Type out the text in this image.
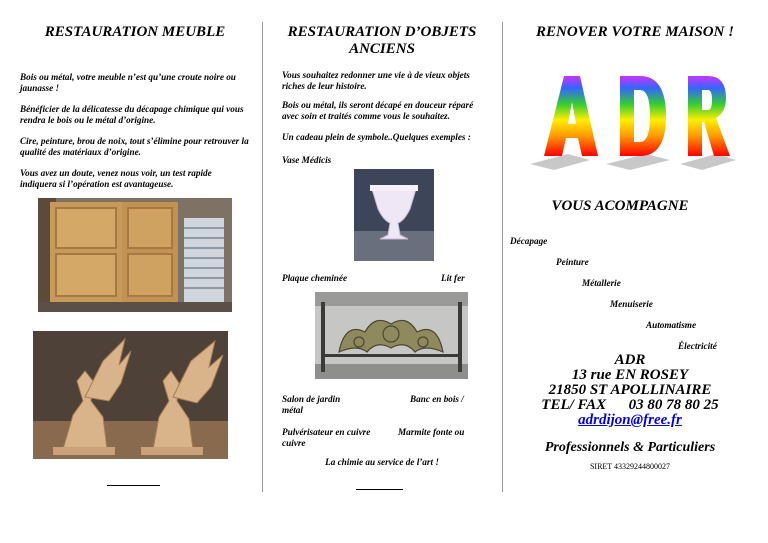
RESTAURATION MEUBLE
Bois ou métal, votre meuble n’est qu’une croute noire ou jaunasse !
Bénéficier de la délicatesse du décapage chimique qui vous rendra le bois ou le métal d’origine.
Cire, peinture, brou de noix, tout s’élimine pour retrouver la qualité des matériaux d’origine.
Vous avez un doute, venez nous voir, un test rapide indiquera si l’opération est avantageuse.
RESTAURATION D’OBJETS ANCIENS
Vous souhaitez redonner une vie à de vieux objets riches de leur histoire.
Bois ou métal, ils seront décapé en douceur réparé avec soin et traités comme vous le souhaitez.
Un cadeau plein de symbole..Quelques exemples :
Vase Médicis
Plaque cheminée	Lit fer
Salon de jardin métal
Banc en bois /
Pulvérisateur en cuivre cuivre
Marmite fonte ou
La chimie au service de l’art !
RENOVER VOTRE MAISON !
VOUS ACOMPAGNE
Décapage
Peinture
Métallerie
Menuiserie
Automatisme
Électricité
ADR
13 rue EN ROSEY
21850 ST APOLLINAIRE
TEL/ FAX      03 80 78 80 25
adrdijon@free.fr
Professionnels & Particuliers
SIRET 43329244800027
